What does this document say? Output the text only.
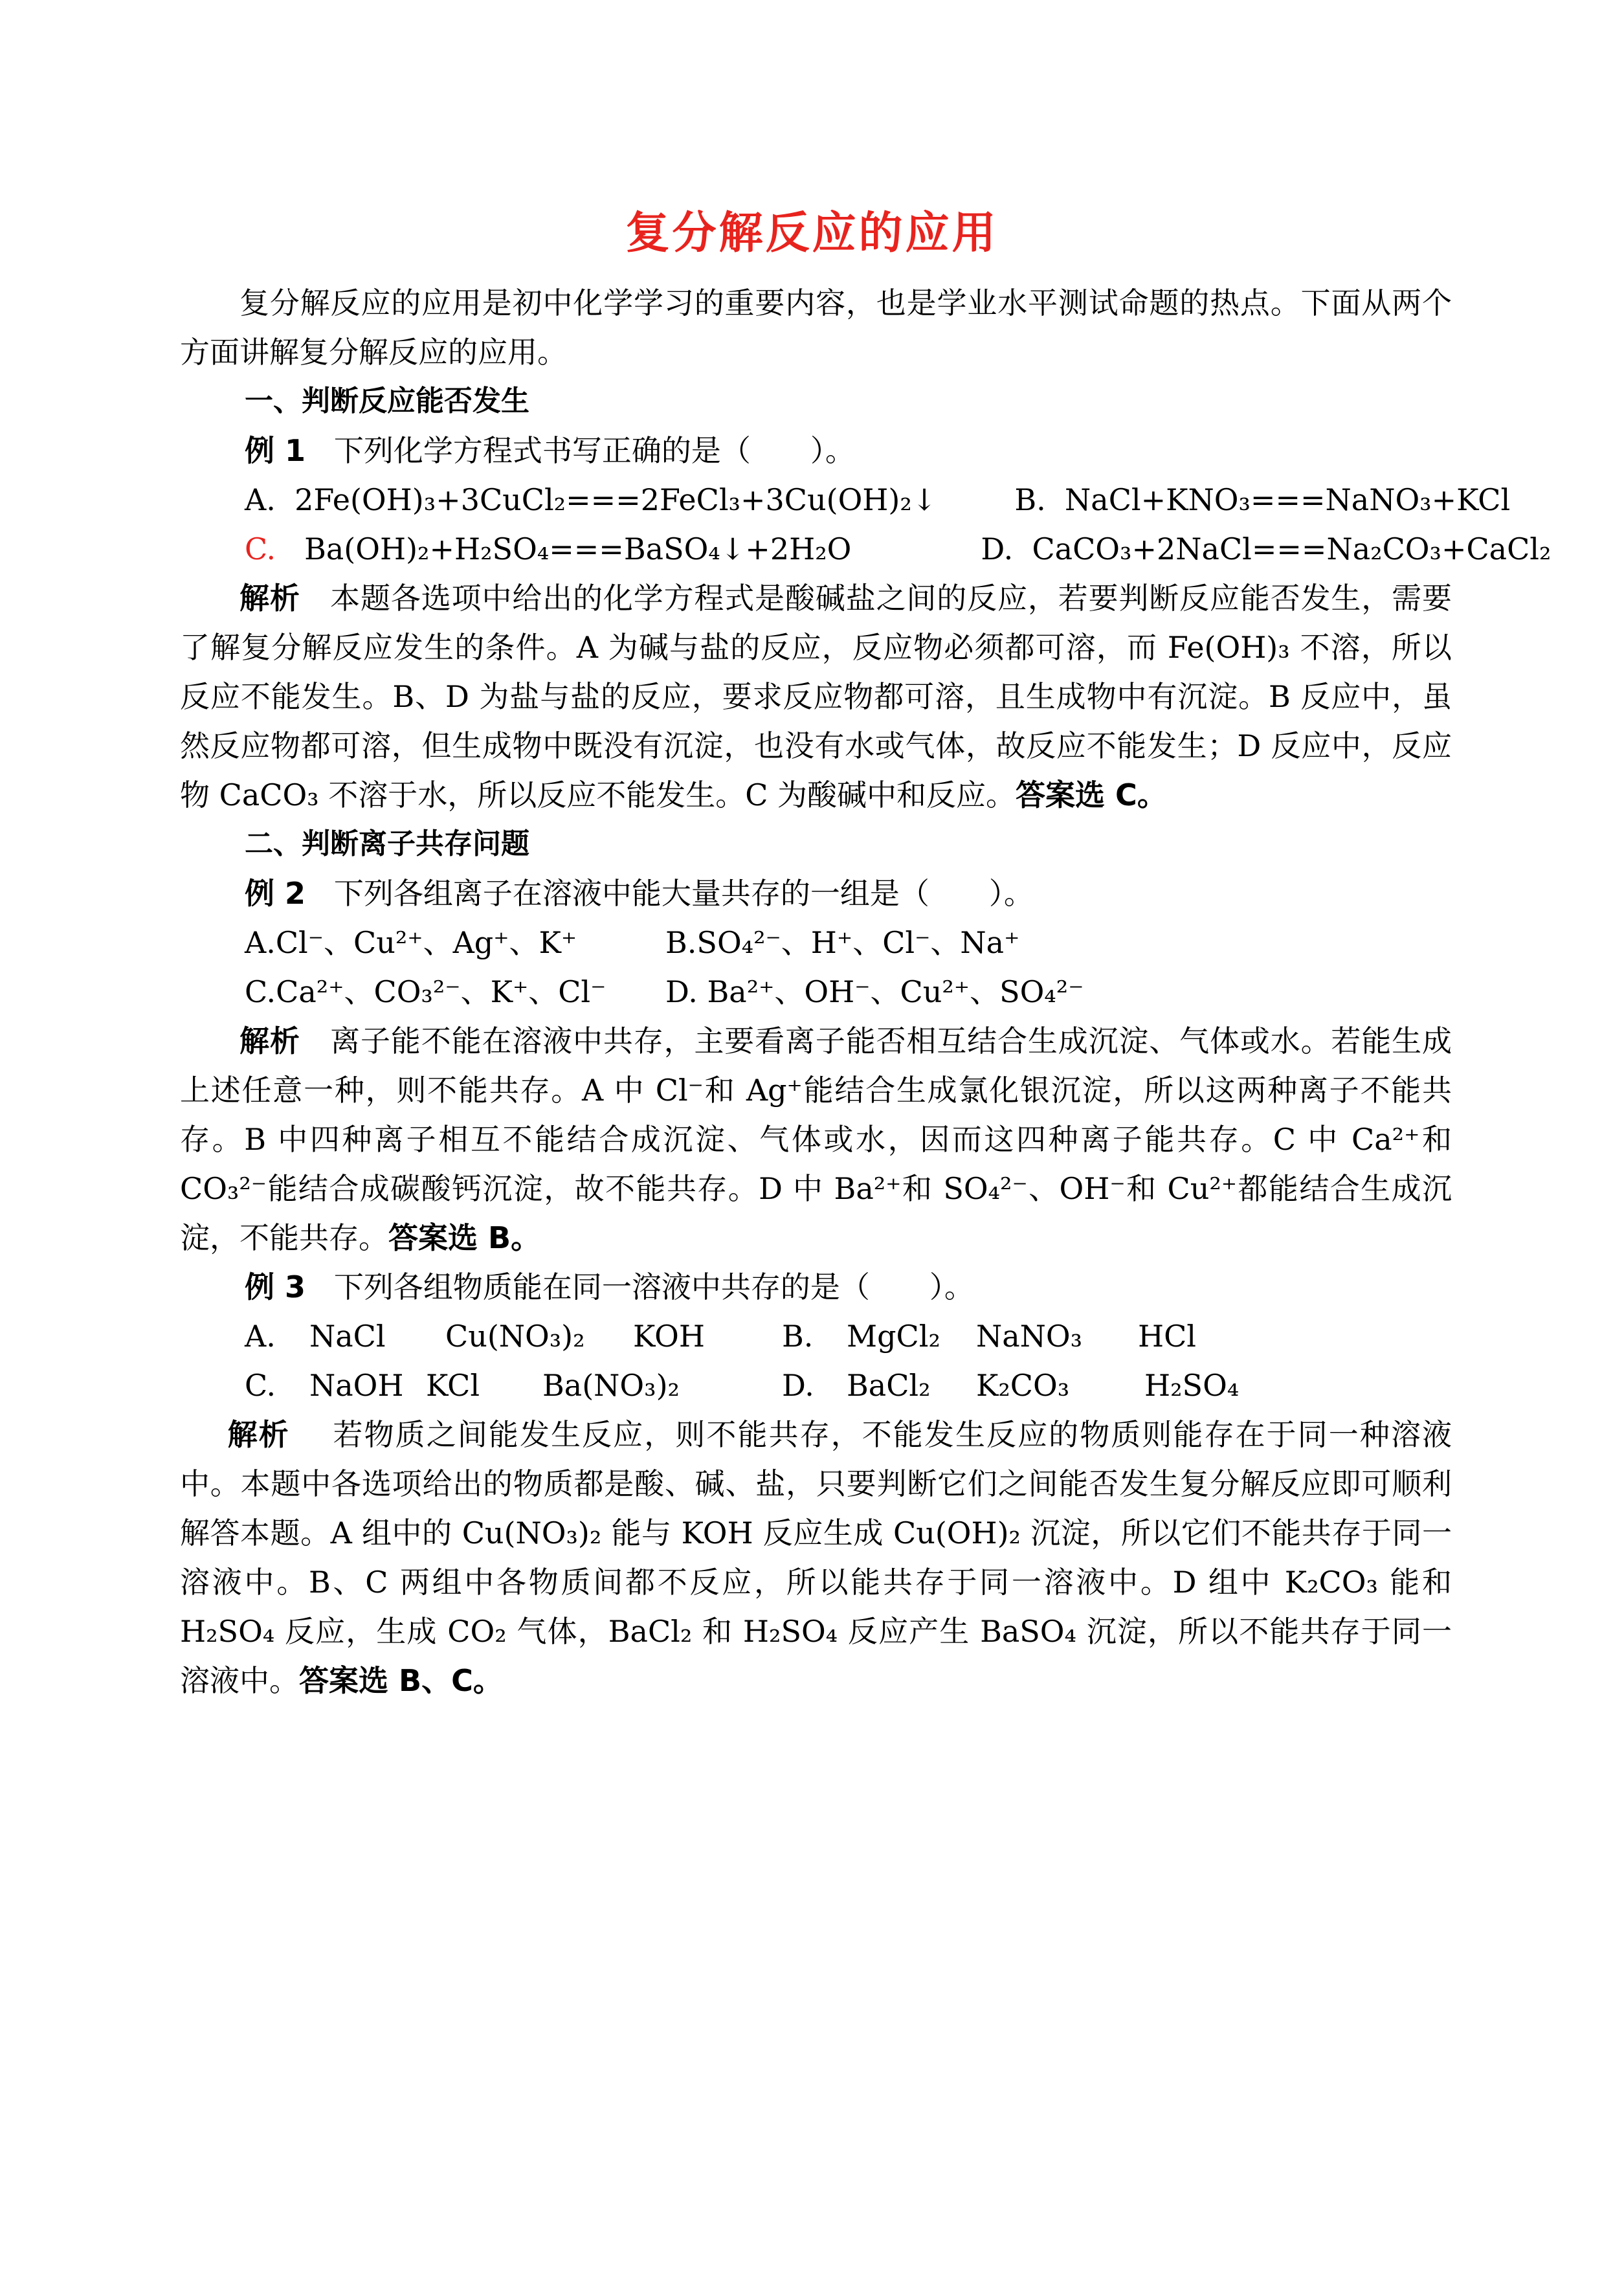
复分解反应的应用

复分解反应的应用是初中化学学习的重要内容，也是学业水平测试命题的热点。下面从两个方面讲解复分解反应的应用。

一、判断反应能否发生

例 1 下列化学方程式书写正确的是（　　）。

A. 2Fe(OH)₃+3CuCl₂===2FeCl₃+3Cu(OH)₂↓	B. NaCl+KNO₃===NaNO₃+KCl

C. Ba(OH)₂+H₂SO₄===BaSO₄↓+2H₂O	D. CaCO₃+2NaCl===Na₂CO₃+CaCl₂

解析 本题各选项中给出的化学方程式是酸碱盐之间的反应，若要判断反应能否发生，需要了解复分解反应发生的条件。A 为碱与盐的反应，反应物必须都可溶，而 Fe(OH)₃ 不溶，所以反应不能发生。B、D 为盐与盐的反应，要求反应物都可溶，且生成物中有沉淀。B 反应中，虽然反应物都可溶，但生成物中既没有沉淀，也没有水或气体，故反应不能发生；D 反应中，反应物 CaCO₃ 不溶于水，所以反应不能发生。C 为酸碱中和反应。答案选 C。

二、判断离子共存问题

例 2 下列各组离子在溶液中能大量共存的一组是（　　）。

A.Cl⁻、Cu²⁺、Ag⁺、K⁺	B.SO₄²⁻、H⁺、Cl⁻、Na⁺

C.Ca²⁺、CO₃²⁻、K⁺、Cl⁻ D. Ba²⁺、OH⁻、Cu²⁺、SO₄²⁻

解析 离子能不能在溶液中共存，主要看离子能否相互结合生成沉淀、气体或水。若能生成上述任意一种，则不能共存。A 中 Cl⁻和 Ag⁺能结合生成氯化银沉淀，所以这两种离子不能共存。B 中四种离子相互不能结合成沉淀、气体或水，因而这四种离子能共存。C 中 Ca²⁺和 CO₃²⁻能结合成碳酸钙沉淀，故不能共存。D 中 Ba²⁺和 SO₄²⁻、OH⁻和 Cu²⁺都能结合生成沉淀，不能共存。答案选 B。

例 3 下列各组物质能在同一溶液中共存的是（　　）。

A. NaCl Cu(NO₃)₂ KOH	B. MgCl₂ NaNO₃ HCl

C. NaOH KCl Ba(NO₃)₂	D. BaCl₂ K₂CO₃	H₂SO₄

解析 若物质之间能发生反应，则不能共存，不能发生反应的物质则能存在于同一种溶液中。本题中各选项给出的物质都是酸、碱、盐，只要判断它们之间能否发生复分解反应即可顺利解答本题。A 组中的 Cu(NO₃)₂ 能与 KOH 反应生成 Cu(OH)₂ 沉淀，所以它们不能共存于同一溶液中。B、C 两组中各物质间都不反应，所以能共存于同一溶液中。D 组中 K₂CO₃ 能和 H₂SO₄ 反应，生成 CO₂ 气体，BaCl₂ 和 H₂SO₄ 反应产生 BaSO₄ 沉淀，所以不能共存于同一溶液中。答案选 B、C。
